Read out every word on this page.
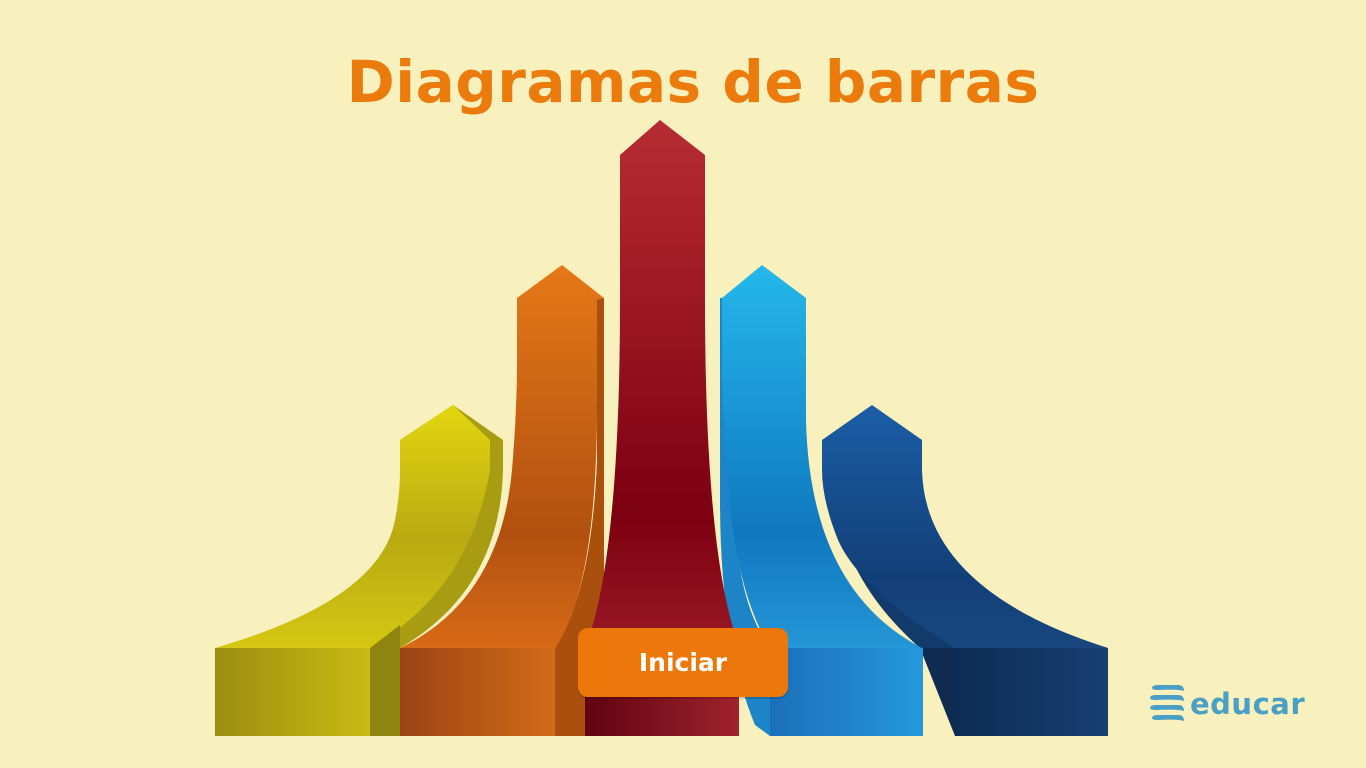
Diagramas de barras
Iniciar
educar
